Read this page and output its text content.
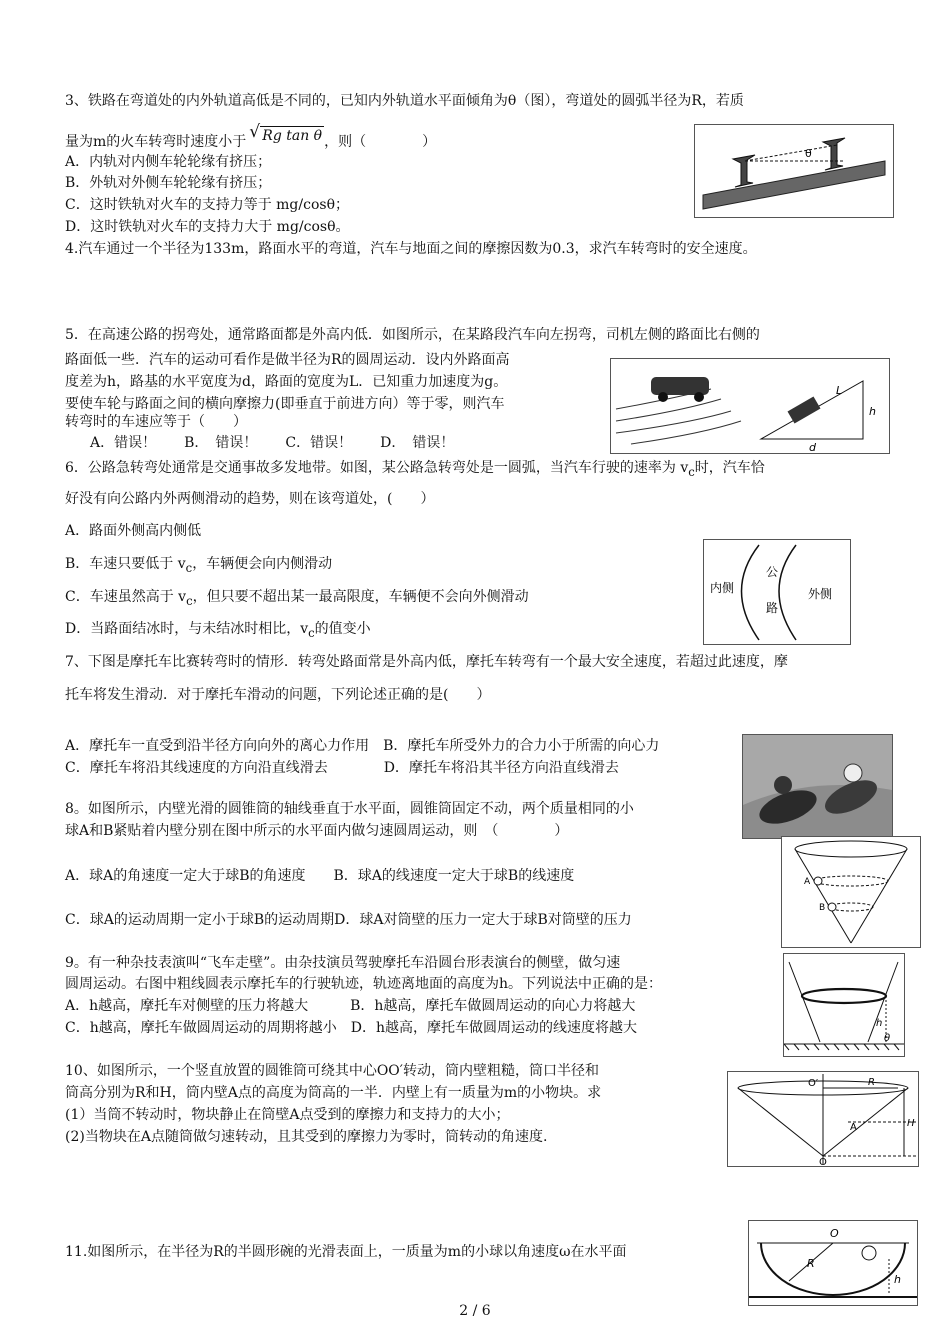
3、铁路在弯道处的内外轨道高低是不同的，已知内外轨道水平面倾角为θ（图），弯道处的圆弧半径为R，若质
量为m的火车转弯时速度小于√ Rg tan θ ，则（　　　　）
A．内轨对内侧车轮轮缘有挤压；
B．外轨对外侧车轮轮缘有挤压；
C．这时铁轨对火车的支持力等于 mg/cosθ；
D．这时铁轨对火车的支持力大于 mg/cosθ。
θ
4.汽车通过一个半径为133m，路面水平的弯道，汽车与地面之间的摩擦因数为0.3，求汽车转弯时的安全速度。
5．在高速公路的拐弯处，通常路面都是外高内低．如图所示，在某路段汽车向左拐弯，司机左侧的路面比右侧的
路面低一些．汽车的运动可看作是做半径为R的圆周运动．设内外路面高
度差为h，路基的水平宽度为d，路面的宽度为L．已知重力加速度为g。
要使车轮与路面之间的横向摩擦力(即垂直于前进方向）等于零，则汽车
转弯时的车速应等于（　　）
A．错误！　　B．　错误！　　C．错误！　　D．　错误！
L
h
d
6．公路急转弯处通常是交通事故多发地带。如图，某公路急转弯处是一圆弧，当汽车行驶的速率为 $v_c$时，汽车恰
好没有向公路内外两侧滑动的趋势，则在该弯道处，(　　）
A．路面外侧高内侧低
B．车速只要低于 $v_c$，车辆便会向内侧滑动
C．车速虽然高于 $v_c$，但只要不超出某一最高限度，车辆便不会向外侧滑动
D．当路面结冰时，与未结冰时相比，$v_c$的值变小
内侧
公
路
外侧
7、下图是摩托车比赛转弯时的情形．转弯处路面常是外高内低，摩托车转弯有一个最大安全速度，若超过此速度，摩
托车将发生滑动．对于摩托车滑动的问题，下列论述正确的是(　　）
A．摩托车一直受到沿半径方向向外的离心力作用　B．摩托车所受外力的合力小于所需的向心力
C．摩托车将沿其线速度的方向沿直线滑去　　　　D．摩托车将沿其半径方向沿直线滑去
8。如图所示，内壁光滑的圆锥筒的轴线垂直于水平面，圆锥筒固定不动，两个质量相同的小
球A和B紧贴着内壁分别在图中所示的水平面内做匀速圆周运动，则　（　　　　）
A．球A的角速度一定大于球B的角速度　　B．球A的线速度一定大于球B的线速度
C．球A的运动周期一定小于球B的运动周期D．球A对筒壁的压力一定大于球B对筒壁的压力
A
B
9。有一种杂技表演叫“飞车走壁”。由杂技演员驾驶摩托车沿圆台形表演台的侧壁，做匀速
圆周运动。右图中粗线圆表示摩托车的行驶轨迹，轨迹离地面的高度为h。下列说法中正确的是：
A．h越高，摩托车对侧壁的压力将越大　　　B．h越高，摩托车做圆周运动的向心力将越大
C．h越高，摩托车做圆周运动的周期将越小　D．h越高，摩托车做圆周运动的线速度将越大	h
θ
10、如图所示，一个竖直放置的圆锥筒可绕其中心OO′转动，筒内壁粗糙，筒口半径和
筒高分别为R和H，筒内壁A点的高度为筒高的一半．内壁上有一质量为m的小物块。求
(1）当筒不转动时，物块静止在筒壁A点受到的摩擦力和支持力的大小；
(2)当物块在A点随筒做匀速转动，且其受到的摩擦力为零时，筒转动的角速度.
O′	R
H
A
O
11.如图所示，在半径为R的半圆形碗的光滑表面上，一质量为m的小球以角速度ω在水平面
O
R
h
2 / 6
